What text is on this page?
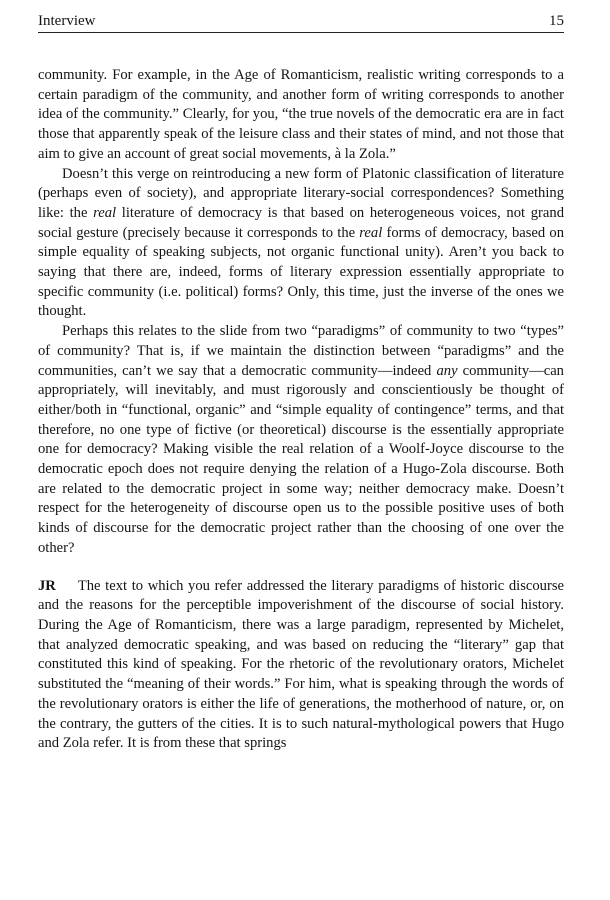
Interview	15

community. For example, in the Age of Romanticism, realistic writing corresponds to a certain paradigm of the community, and another form of writing corresponds to another idea of the community.” Clearly, for you, “the true novels of the democratic era are in fact those that apparently speak of the leisure class and their states of mind, and not those that aim to give an account of great social movements, à la Zola.”

Doesn’t this verge on reintroducing a new form of Platonic classification of literature (perhaps even of society), and appropriate literary-social correspondences? Something like: the real literature of democracy is that based on heterogeneous voices, not grand social gesture (precisely because it corresponds to the real forms of democracy, based on simple equality of speaking subjects, not organic functional unity). Aren’t you back to saying that there are, indeed, forms of literary expression essentially appropriate to specific community (i.e. political) forms? Only, this time, just the inverse of the ones we thought.

Perhaps this relates to the slide from two “paradigms” of community to two “types” of community? That is, if we maintain the distinction between “paradigms” and the communities, can’t we say that a democratic community—indeed any community—can appropriately, will inevitably, and must rigorously and conscientiously be thought of either/both in “functional, organic” and “simple equality of contingence” terms, and that therefore, no one type of fictive (or theoretical) discourse is the essentially appropriate one for democracy? Making visible the real relation of a Woolf-Joyce discourse to the democratic epoch does not require denying the relation of a Hugo-Zola discourse. Both are related to the democratic project in some way; neither democracy make. Doesn’t respect for the heterogeneity of discourse open us to the possible positive uses of both kinds of discourse for the democratic project rather than the choosing of one over the other?

JR The text to which you refer addressed the literary paradigms of historic discourse and the reasons for the perceptible impoverishment of the discourse of social history. During the Age of Romanticism, there was a large paradigm, represented by Michelet, that analyzed democratic speaking, and was based on reducing the “literary” gap that constituted this kind of speaking. For the rhetoric of the revolutionary orators, Michelet substituted the “meaning of their words.” For him, what is speaking through the words of the revolutionary orators is either the life of generations, the motherhood of nature, or, on the contrary, the gutters of the cities. It is to such natural-mythological powers that Hugo and Zola refer. It is from these that springs
